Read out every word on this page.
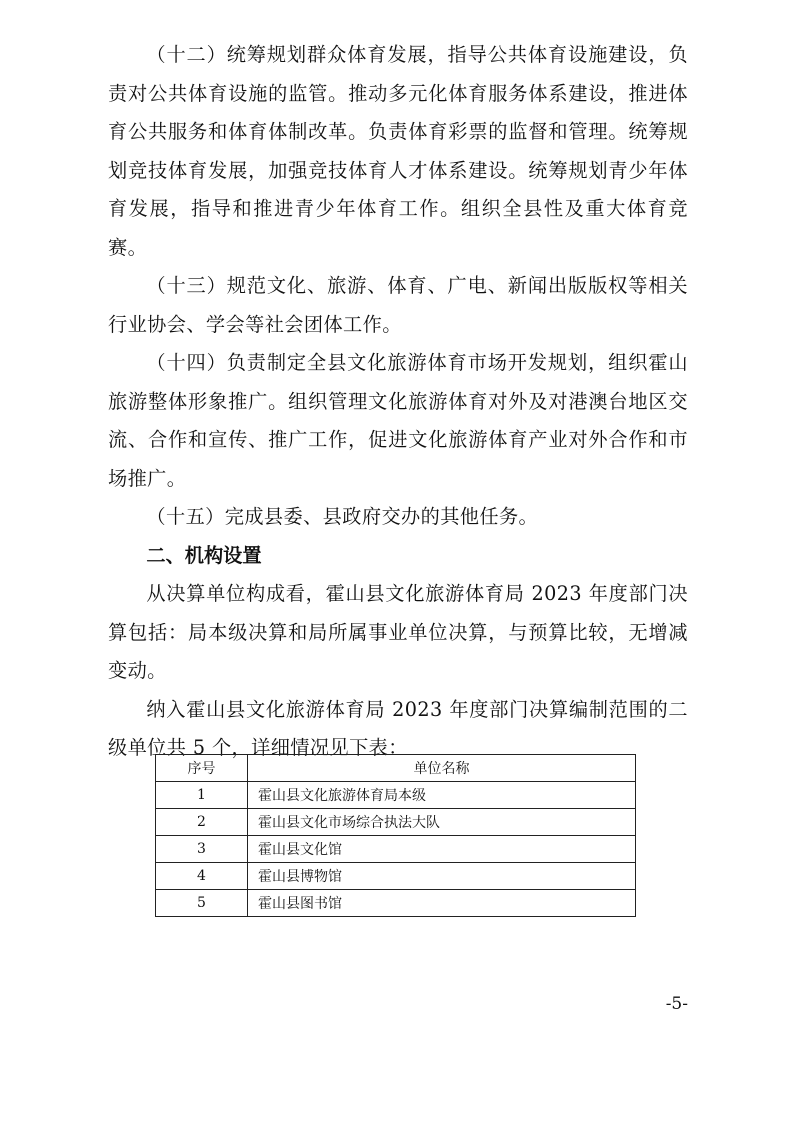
（十二）统筹规划群众体育发展，指导公共体育设施建设，负责对公共体育设施的监管。推动多元化体育服务体系建设，推进体育公共服务和体育体制改革。负责体育彩票的监督和管理。统筹规划竞技体育发展，加强竞技体育人才体系建设。统筹规划青少年体育发展，指导和推进青少年体育工作。组织全县性及重大体育竞赛。

（十三）规范文化、旅游、体育、广电、新闻出版版权等相关行业协会、学会等社会团体工作。

（十四）负责制定全县文化旅游体育市场开发规划，组织霍山旅游整体形象推广。组织管理文化旅游体育对外及对港澳台地区交流、合作和宣传、推广工作，促进文化旅游体育产业对外合作和市场推广。

（十五）完成县委、县政府交办的其他任务。

二、机构设置

从决算单位构成看，霍山县文化旅游体育局 2023 年度部门决算包括：局本级决算和局所属事业单位决算，与预算比较，无增减变动。

纳入霍山县文化旅游体育局 2023 年度部门决算编制范围的二级单位共 5 个，详细情况见下表：

序号	单位名称
1	霍山县文化旅游体育局本级
2	霍山县文化市场综合执法大队
3	霍山县文化馆
4	霍山县博物馆
5	霍山县图书馆
-5-
